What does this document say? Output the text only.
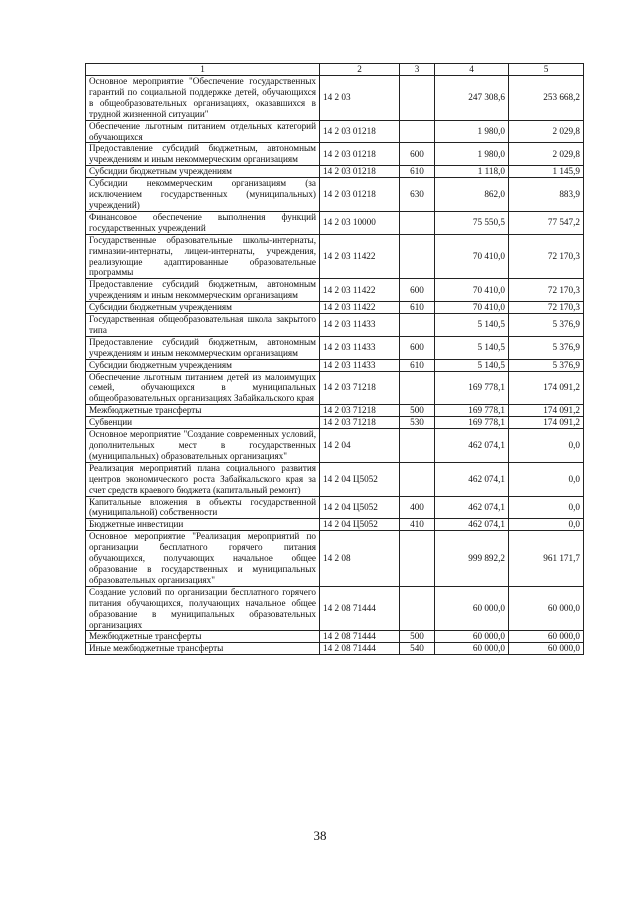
1	2	3	4	5
Основное мероприятие "Обеспечение государственных гарантий по социальной поддержке детей, обучающихся в общеобразовательных организациях, оказавшихся в трудной жизненной ситуации"	14 2 03		247 308,6	253 668,2
Обеспечение льготным питанием отдельных категорий обучающихся	14 2 03 01218		1 980,0	2 029,8
Предоставление субсидий бюджетным, автономным учреждениям и иным некоммерческим организациям	14 2 03 01218	600	1 980,0	2 029,8
Субсидии бюджетным учреждениям	14 2 03 01218	610	1 118,0	1 145,9
Субсидии некоммерческим организациям (за исключением государственных (муниципальных) учреждений)	14 2 03 01218	630	862,0	883,9
Финансовое обеспечение выполнения функций государственных учреждений	14 2 03 10000		75 550,5	77 547,2
Государственные образовательные школы-интернаты, гимназии-интернаты, лицеи-интернаты, учреждения, реализующие адаптированные образовательные программы	14 2 03 11422		70 410,0	72 170,3
Предоставление субсидий бюджетным, автономным учреждениям и иным некоммерческим организациям	14 2 03 11422	600	70 410,0	72 170,3
Субсидии бюджетным учреждениям	14 2 03 11422	610	70 410,0	72 170,3
Государственная общеобразовательная школа закрытого типа	14 2 03 11433		5 140,5	5 376,9
Предоставление субсидий бюджетным, автономным учреждениям и иным некоммерческим организациям	14 2 03 11433	600	5 140,5	5 376,9
Субсидии бюджетным учреждениям	14 2 03 11433	610	5 140,5	5 376,9
Обеспечение льготным питанием детей из малоимущих семей, обучающихся в муниципальных общеобразовательных организациях Забайкальского края	14 2 03 71218		169 778,1	174 091,2
Межбюджетные трансферты	14 2 03 71218	500	169 778,1	174 091,2
Субвенции	14 2 03 71218	530	169 778,1	174 091,2
Основное мероприятие "Создание современных условий, дополнительных мест в государственных (муниципальных) образовательных организациях"	14 2 04		462 074,1	0,0
Реализация мероприятий плана социального развития центров экономического роста Забайкальского края за счет средств краевого бюджета (капитальный ремонт)	14 2 04 Ц5052		462 074,1	0,0
Капитальные вложения в объекты государственной (муниципальной) собственности	14 2 04 Ц5052	400	462 074,1	0,0
Бюджетные инвестиции	14 2 04 Ц5052	410	462 074,1	0,0
Основное мероприятие "Реализация мероприятий по организации бесплатного горячего питания обучающихся, получающих начальное общее образование в государственных и муниципальных образовательных организациях"	14 2 08		999 892,2	961 171,7
Создание условий по организации бесплатного горячего питания обучающихся, получающих начальное общее образование в муниципальных образовательных организациях	14 2 08 71444		60 000,0	60 000,0
Межбюджетные трансферты	14 2 08 71444	500	60 000,0	60 000,0
Иные межбюджетные трансферты	14 2 08 71444	540	60 000,0	60 000,0
38
